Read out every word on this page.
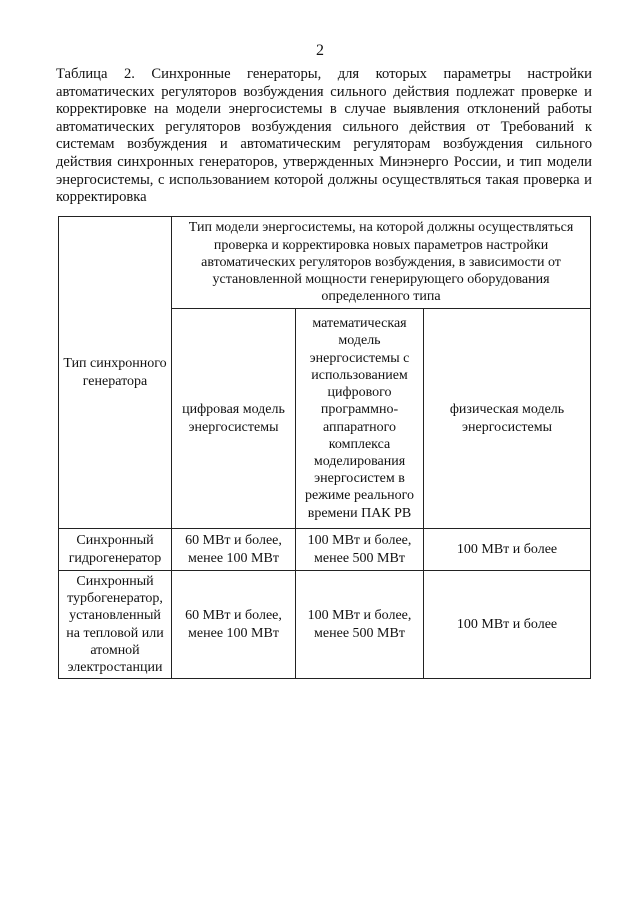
2
Таблица 2. Синхронные генераторы, для которых параметры настройки автоматических регуляторов возбуждения сильного действия подлежат проверке и корректировке на модели энергосистемы в случае выявления отклонений работы автоматических регуляторов возбуждения сильного действия от Требований к системам возбуждения и автоматическим регуляторам возбуждения сильного действия синхронных генераторов, утвержденных Минэнерго России, и тип модели энергосистемы, с использованием которой должны осуществляться такая проверка и корректировка
Тип синхронного генератора	Тип модели энергосистемы, на которой должны осуществляться проверка и корректировка новых параметров настройки автоматических регуляторов возбуждения, в зависимости от установленной мощности генерирующего оборудования определенного типа		
	цифровая модель энергосистемы	математическая модель энергосистемы с использованием цифрового программно-аппаратного комплекса моделирования энергосистем в режиме реального времени ПАК РВ	физическая модель энергосистемы
Синхронный гидрогенератор	60 МВт и более, менее 100 МВт	100 МВт и более, менее 500 МВт	100 МВт и более
Синхронный турбогенератор, установленный на тепловой или атомной электростанции	60 МВт и более, менее 100 МВт	100 МВт и более, менее 500 МВт	100 МВт и более
